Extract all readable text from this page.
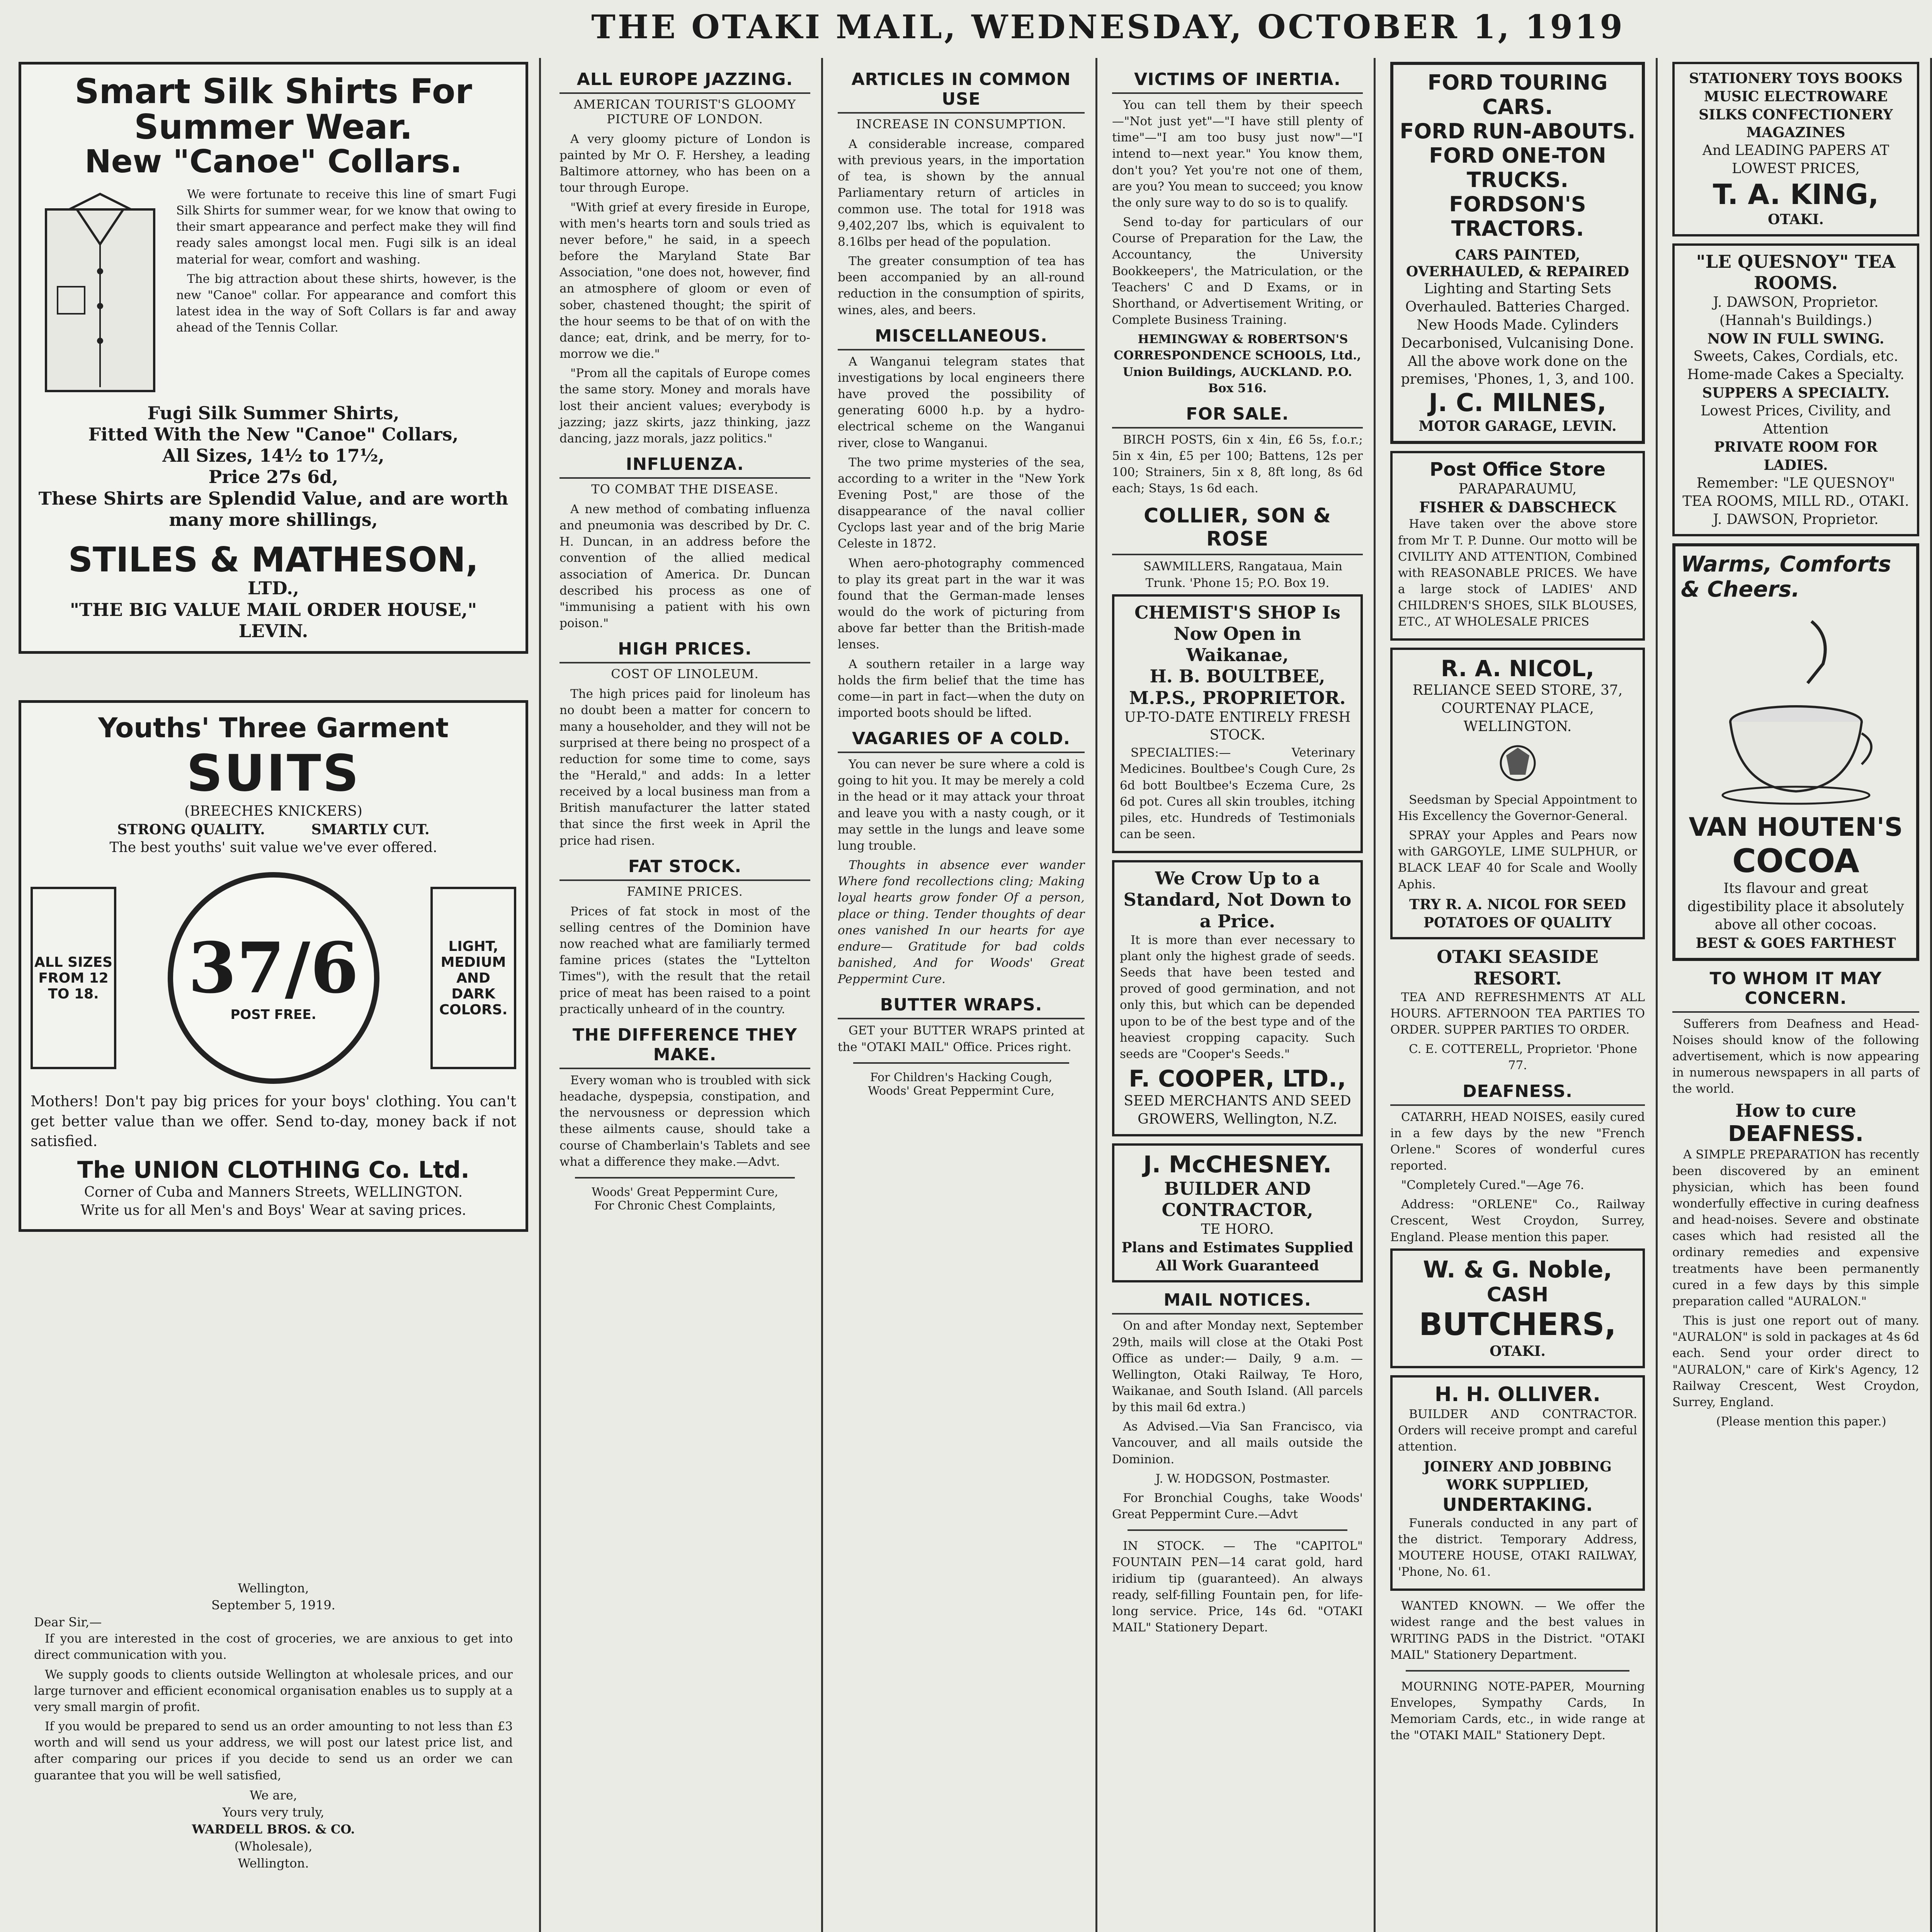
THE OTAKI MAIL, WEDNESDAY, OCTOBER 1, 1919
Smart Silk Shirts For Summer Wear.
New "Canoe" Collars.

We were fortunate to receive this line of smart Fugi Silk Shirts for summer wear, for we know that owing to their smart appearance and perfect make they will find ready sales amongst local men. Fugi silk is an ideal material for wear, comfort and washing.

The big attraction about these shirts, however, is the new "Canoe" collar. For appearance and comfort this latest idea in the way of Soft Collars is far and away ahead of the Tennis Collar.

Fugi Silk Summer Shirts,
Fitted With the New "Canoe" Collars,
All Sizes, 14½ to 17½,
Price 27s 6d,
These Shirts are Splendid Value, and are worth many more shillings,
STILES & MATHESON,
LTD.,
"THE BIG VALUE MAIL ORDER HOUSE,"
LEVIN.
Youths' Three Garment
SUITS
(BREECHES KNICKERS)
STRONG QUALITY.	SMARTLY CUT.
The best youths' suit value we've ever offered.
ALL SIZES FROM 12 TO 18. 37/6
POST FREE.
LIGHT, MEDIUM AND DARK COLORS.
Mothers! Don't pay big prices for your boys' clothing. You can't get better value than we offer. Send to-day, money back if not satisfied.
The UNION CLOTHING Co. Ltd.
Corner of Cuba and Manners Streets, WELLINGTON.
Write us for all Men's and Boys' Wear at saving prices.
Wellington,
September 5, 1919.
Dear Sir,—

If you are interested in the cost of groceries, we are anxious to get into direct communication with you.

We supply goods to clients outside Wellington at wholesale prices, and our large turnover and efficient economical organisation enables us to supply at a very small margin of profit.

If you would be prepared to send us an order amounting to not less than £3 worth and will send us your address, we will post our latest price list, and after comparing our prices if you decide to send us an order we can guarantee that you will be well satisfied,

We are,
Yours very truly,
WARDELL BROS. & CO.
(Wholesale),
Wellington.
ALL EUROPE JAZZING.
AMERICAN TOURIST'S GLOOMY PICTURE OF LONDON.

A very gloomy picture of London is painted by Mr O. F. Hershey, a leading Baltimore attorney, who has been on a tour through Europe.

"With grief at every fireside in Europe, with men's hearts torn and souls tried as never before," he said, in a speech before the Maryland State Bar Association, "one does not, however, find an atmosphere of gloom or even of sober, chastened thought; the spirit of the hour seems to be that of on with the dance; eat, drink, and be merry, for to-morrow we die."

"Prom all the capitals of Europe comes the same story. Money and morals have lost their ancient values; everybody is jazzing; jazz skirts, jazz thinking, jazz dancing, jazz morals, jazz politics."

INFLUENZA.
TO COMBAT THE DISEASE.

A new method of combating influenza and pneumonia was described by Dr. C. H. Duncan, in an address before the convention of the allied medical association of America. Dr. Duncan described his process as one of "immunising a patient with his own poison."

HIGH PRICES.
COST OF LINOLEUM.

The high prices paid for linoleum has no doubt been a matter for concern to many a householder, and they will not be surprised at there being no prospect of a reduction for some time to come, says the "Herald," and adds: In a letter received by a local business man from a British manufacturer the latter stated that since the first week in April the price had risen.

FAT STOCK.
FAMINE PRICES.

Prices of fat stock in most of the selling centres of the Dominion have now reached what are familiarly termed famine prices (states the "Lyttelton Times"), with the result that the retail price of meat has been raised to a point practically unheard of in the country.

THE DIFFERENCE THEY MAKE.

Every woman who is troubled with sick headache, dyspepsia, constipation, and the nervousness or depression which these ailments cause, should take a course of Chamberlain's Tablets and see what a difference they make.—Advt.

Woods' Great Peppermint Cure,
For Chronic Chest Complaints,
ARTICLES IN COMMON USE
INCREASE IN CONSUMPTION.

A considerable increase, compared with previous years, in the importation of tea, is shown by the annual Parliamentary return of articles in common use. The total for 1918 was 9,402,207 lbs, which is equivalent to 8.16lbs per head of the population.

The greater consumption of tea has been accompanied by an all-round reduction in the consumption of spirits, wines, ales, and beers.

MISCELLANEOUS.

A Wanganui telegram states that investigations by local engineers there have proved the possibility of generating 6000 h.p. by a hydro-electrical scheme on the Wanganui river, close to Wanganui.

The two prime mysteries of the sea, according to a writer in the "New York Evening Post," are those of the disappearance of the naval collier Cyclops last year and of the brig Marie Celeste in 1872.

When aero-photography commenced to play its great part in the war it was found that the German-made lenses would do the work of picturing from above far better than the British-made lenses.

A southern retailer in a large way holds the firm belief that the time has come—in part in fact—when the duty on imported boots should be lifted.

VAGARIES OF A COLD.

You can never be sure where a cold is going to hit you. It may be merely a cold in the head or it may attack your throat and leave you with a nasty cough, or it may settle in the lungs and leave some lung trouble.

Thoughts in absence ever wander Where fond recollections cling; Making loyal hearts grow fonder Of a person, place or thing. Tender thoughts of dear ones vanished In our hearts for aye endure— Gratitude for bad colds banished, And for Woods' Great Peppermint Cure.

BUTTER WRAPS.

GET your BUTTER WRAPS printed at the "OTAKI MAIL" Office. Prices right.

For Children's Hacking Cough,
Woods' Great Peppermint Cure,
VICTIMS OF INERTIA.

You can tell them by their speech—"Not just yet"—"I have still plenty of time"—"I am too busy just now"—"I intend to—next year." You know them, don't you? Yet you're not one of them, are you? You mean to succeed; you know the only sure way to do so is to qualify.

Send to-day for particulars of our Course of Preparation for the Law, the Accountancy, the University Bookkeepers', the Matriculation, or the Teachers' C and D Exams, or in Shorthand, or Advertisement Writing, or Complete Business Training.

HEMINGWAY & ROBERTSON'S CORRESPONDENCE SCHOOLS, Ltd., Union Buildings, AUCKLAND. P.O. Box 516.

FOR SALE.

BIRCH POSTS, 6in x 4in, £6 5s, f.o.r.; 5in x 4in, £5 per 100; Battens, 12s per 100; Strainers, 5in x 8, 8ft long, 8s 6d each; Stays, 1s 6d each.

COLLIER, SON & ROSE

SAWMILLERS, Rangataua, Main Trunk. 'Phone 15; P.O. Box 19.

CHEMIST'S SHOP Is Now Open in Waikanae,
H. B. BOULTBEE, M.P.S., PROPRIETOR.
UP-TO-DATE ENTIRELY FRESH STOCK.

SPECIALTIES:— Veterinary Medicines. Boultbee's Cough Cure, 2s 6d bott Boultbee's Eczema Cure, 2s 6d pot. Cures all skin troubles, itching piles, etc. Hundreds of Testimonials can be seen.

We Crow Up to a Standard, Not Down to a Price.

It is more than ever necessary to plant only the highest grade of seeds. Seeds that have been tested and proved of good germination, and not only this, but which can be depended upon to be of the best type and of the heaviest cropping capacity. Such seeds are "Cooper's Seeds."

F. COOPER, LTD.,
SEED MERCHANTS AND SEED GROWERS, Wellington, N.Z.
J. McCHESNEY.
BUILDER AND CONTRACTOR,
TE HORO.
Plans and Estimates Supplied All Work Guaranteed
MAIL NOTICES.

On and after Monday next, September 29th, mails will close at the Otaki Post Office as under:— Daily, 9 a.m. — Wellington, Otaki Railway, Te Horo, Waikanae, and South Island. (All parcels by this mail 6d extra.)

As Advised.—Via San Francisco, via Vancouver, and all mails outside the Dominion.

J. W. HODGSON, Postmaster.

For Bronchial Coughs, take Woods' Great Peppermint Cure.—Advt

IN STOCK. — The "CAPITOL" FOUNTAIN PEN—14 carat gold, hard iridium tip (guaranteed). An always ready, self-filling Fountain pen, for life-long service. Price, 14s 6d. "OTAKI MAIL" Stationery Depart.

FORD TOURING CARS.
FORD RUN-ABOUTS.
FORD ONE-TON TRUCKS.
FORDSON'S TRACTORS.
CARS PAINTED, OVERHAULED, & REPAIRED
Lighting and Starting Sets Overhauled. Batteries Charged. New Hoods Made. Cylinders Decarbonised, Vulcanising Done.
All the above work done on the premises, 'Phones, 1, 3, and 100.
J. C. MILNES,
MOTOR GARAGE, LEVIN.
Post Office Store
PARAPARAUMU,
FISHER & DABSCHECK

Have taken over the above store from Mr T. P. Dunne. Our motto will be CIVILITY AND ATTENTION, Combined with REASONABLE PRICES. We have a large stock of LADIES' AND CHILDREN'S SHOES, SILK BLOUSES, ETC., AT WHOLESALE PRICES

R. A. NICOL,
RELIANCE SEED STORE, 37, COURTENAY PLACE, WELLINGTON.

Seedsman by Special Appointment to His Excellency the Governor-General.

SPRAY your Apples and Pears now with GARGOYLE, LIME SULPHUR, or BLACK LEAF 40 for Scale and Woolly Aphis.

TRY R. A. NICOL FOR SEED POTATOES OF QUALITY
OTAKI SEASIDE RESORT.

TEA AND REFRESHMENTS AT ALL HOURS. AFTERNOON TEA PARTIES TO ORDER. SUPPER PARTIES TO ORDER.

C. E. COTTERELL, Proprietor. 'Phone 77.

DEAFNESS.

CATARRH, HEAD NOISES, easily cured in a few days by the new "French Orlene." Scores of wonderful cures reported.

"Completely Cured."—Age 76.

Address: "ORLENE" Co., Railway Crescent, West Croydon, Surrey, England. Please mention this paper.

W. & G. Noble,
CASH
BUTCHERS,
OTAKI.
H. H. OLLIVER.

BUILDER AND CONTRACTOR. Orders will receive prompt and careful attention.

JOINERY AND JOBBING WORK SUPPLIED,
UNDERTAKING.

Funerals conducted in any part of the district. Temporary Address, MOUTERE HOUSE, OTAKI RAILWAY, 'Phone, No. 61.

WANTED KNOWN. — We offer the widest range and the best values in WRITING PADS in the District. "OTAKI MAIL" Stationery Department.

MOURNING NOTE-PAPER, Mourning Envelopes, Sympathy Cards, In Memoriam Cards, etc., in wide range at the "OTAKI MAIL" Stationery Dept.

STATIONERY TOYS BOOKS MUSIC ELECTROWARE SILKS CONFECTIONERY MAGAZINES
And LEADING PAPERS AT LOWEST PRICES,
T. A. KING,
OTAKI.
"LE QUESNOY" TEA ROOMS.
J. DAWSON, Proprietor. (Hannah's Buildings.)
NOW IN FULL SWING.
Sweets, Cakes, Cordials, etc. Home-made Cakes a Specialty.
SUPPERS A SPECIALTY.
Lowest Prices, Civility, and Attention
PRIVATE ROOM FOR LADIES.
Remember: "LE QUESNOY" TEA ROOMS, MILL RD., OTAKI.
J. DAWSON, Proprietor.
Warms, Comforts & Cheers.
VAN HOUTEN'S
COCOA
Its flavour and great digestibility place it absolutely above all other cocoas.
BEST & GOES FARTHEST
TO WHOM IT MAY CONCERN.

Sufferers from Deafness and Head-Noises should know of the following advertisement, which is now appearing in numerous newspapers in all parts of the world.

How to cure
DEAFNESS.

A SIMPLE PREPARATION has recently been discovered by an eminent physician, which has been found wonderfully effective in curing deafness and head-noises. Severe and obstinate cases which had resisted all the ordinary remedies and expensive treatments have been permanently cured in a few days by this simple preparation called "AURALON."

This is just one report out of many. "AURALON" is sold in packages at 4s 6d each. Send your order direct to "AURALON," care of Kirk's Agency, 12 Railway Crescent, West Croydon, Surrey, England.

(Please mention this paper.)
